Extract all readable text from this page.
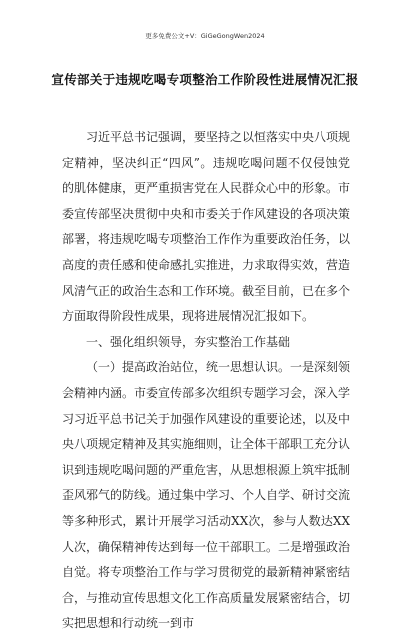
更多免费公文+V：GiGeGongWen2024
宣传部关于违规吃喝专项整治工作阶段性进展情况汇报

习近平总书记强调，要坚持之以恒落实中央八项规定精神，坚决纠正“四风”。违规吃喝问题不仅侵蚀党的肌体健康，更严重损害党在人民群众心中的形象。市委宣传部坚决贯彻中央和市委关于作风建设的各项决策部署，将违规吃喝专项整治工作作为重要政治任务，以高度的责任感和使命感扎实推进，力求取得实效，营造风清气正的政治生态和工作环境。截至目前，已在多个方面取得阶段性成果，现将进展情况汇报如下。

一、强化组织领导，夯实整治工作基础

（一）提高政治站位，统一思想认识。一是深刻领会精神内涵。市委宣传部多次组织专题学习会，深入学习习近平总书记关于加强作风建设的重要论述，以及中央八项规定精神及其实施细则，让全体干部职工充分认识到违规吃喝问题的严重危害，从思想根源上筑牢抵制歪风邪气的防线。通过集中学习、个人自学、研讨交流等多种形式，累计开展学习活动XX次，参与人数达XX人次，确保精神传达到每一位干部职工。二是增强政治自觉。将专项整治工作与学习贯彻党的最新精神紧密结合，与推动宣传思想文化工作高质量发展紧密结合，切实把思想和行动统一到市
